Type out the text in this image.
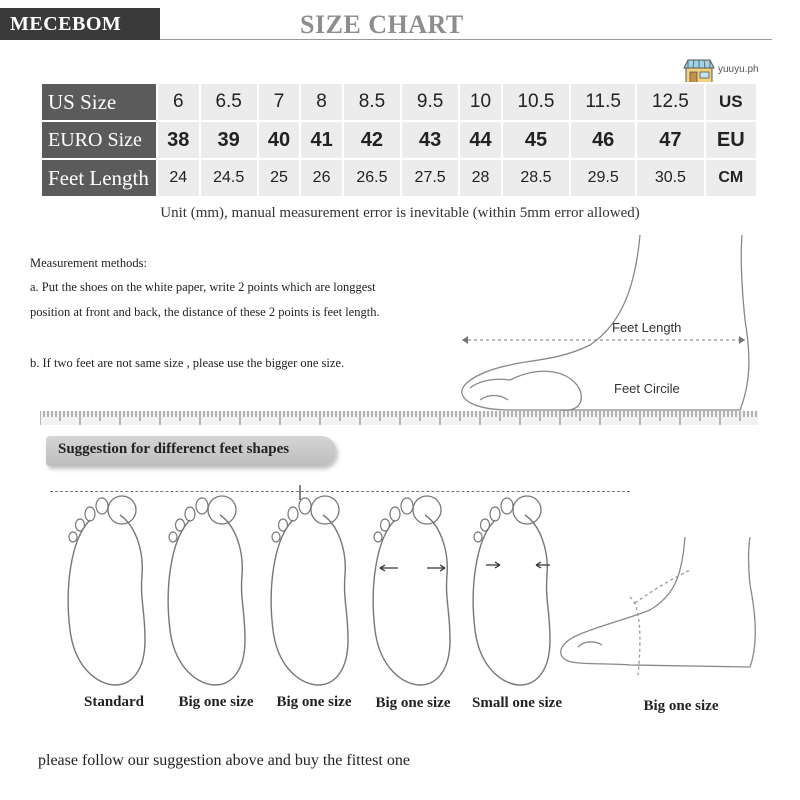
MECEBOM	SIZE CHART
yuuyu.ph
US Size	6	6.5	7	8	8.5	9.5	10	10.5	11.5	12.5	US
EURO Size	38	39	40	41	42	43	44	45	46	47	EU
Feet Length	24	24.5	25	26	26.5	27.5	28	28.5	29.5	30.5	CM
Unit (mm), manual measurement error is inevitable (within 5mm error allowed)
Measurement methods:
a. Put the shoes on the white paper, write 2 points which are longgest
position at front and back, the distance of these 2 points is feet length.
b. If two feet are not same size , please use the bigger one size.
Feet Length
Feet Circile
Suggestion for differenct feet shapes
Standard	Big one size	Big one size	Big one size	Small one size	Big one size
please follow our suggestion above and buy the fittest one
